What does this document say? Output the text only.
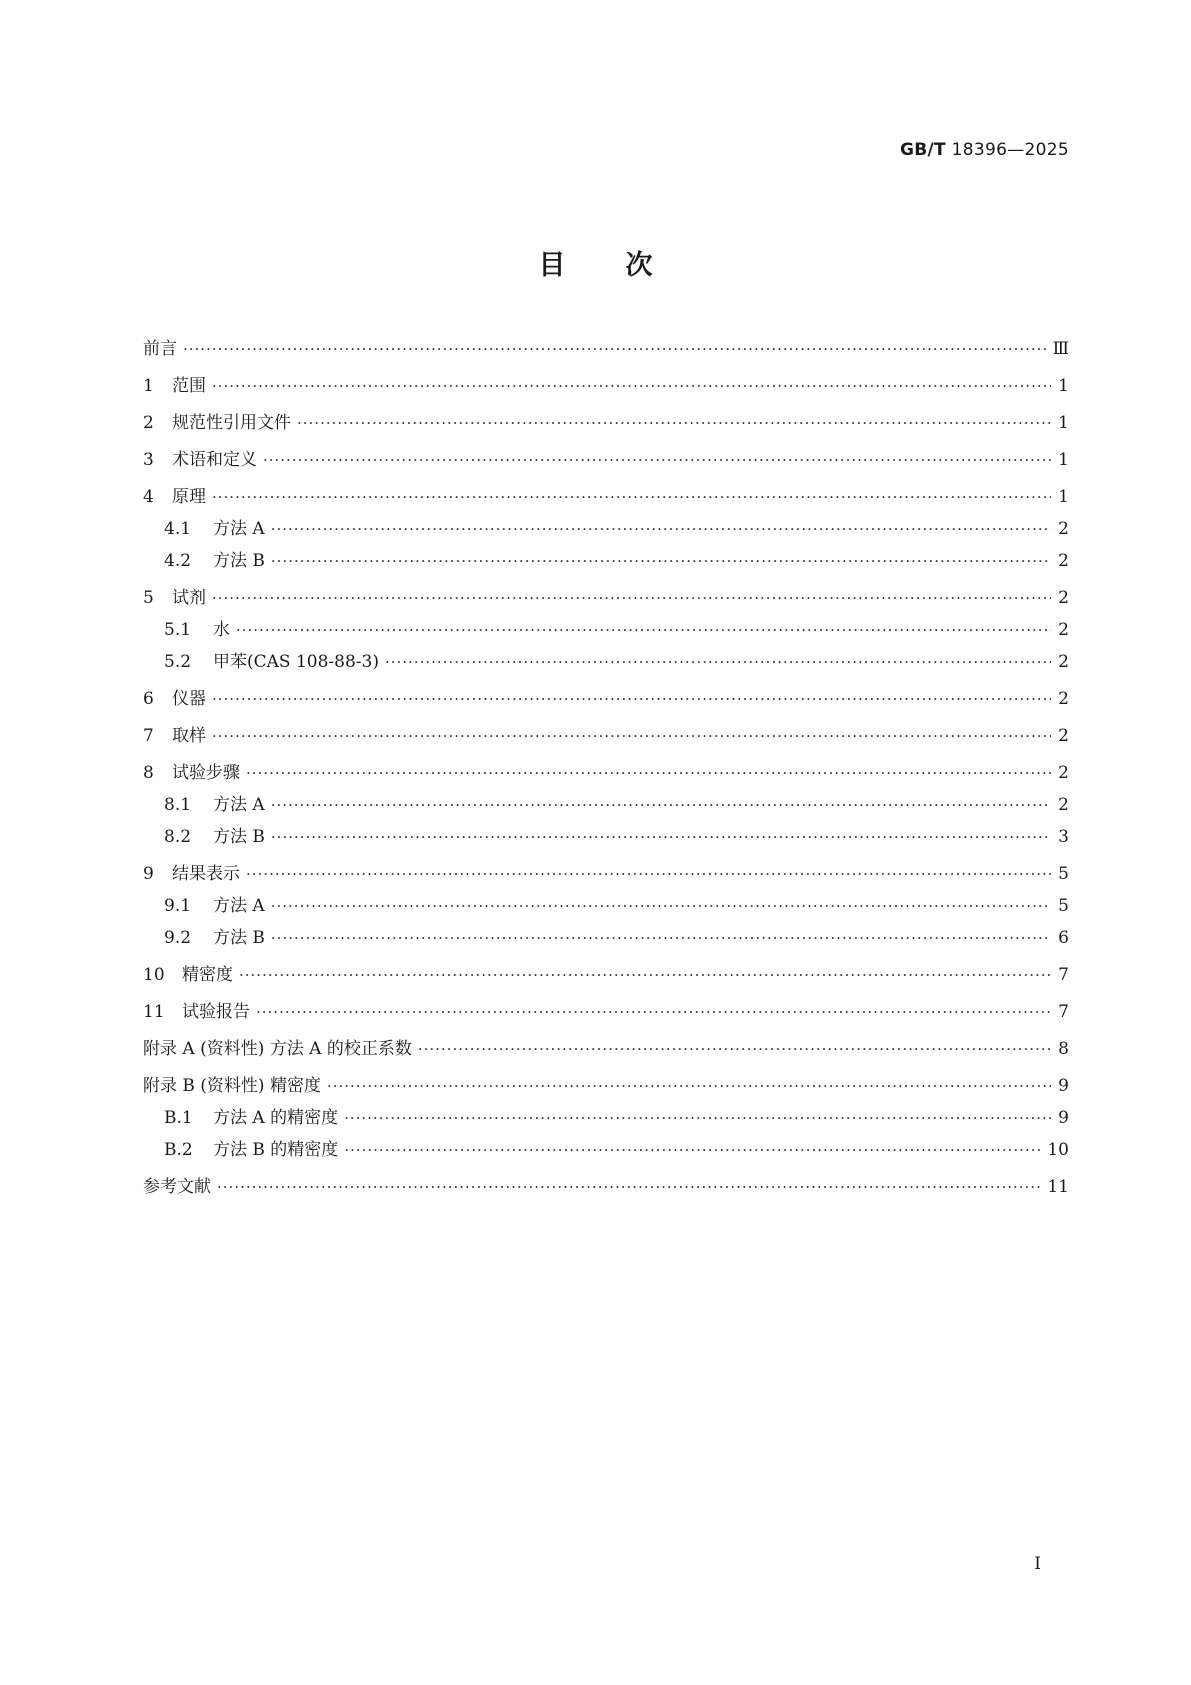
GB/T 18396—2025
目次
前言 ·····	Ⅲ
1 范围 ·····	1
2 规范性引用文件 ·····	1
3 术语和定义 ·····	1
4 原理 ·····	1
4.1 方法 A ·····	2
4.2 方法 B ·····	2
5 试剂 ·····	2
5.1 水 ·····	2
5.2 甲苯(CAS 108-88-3) ·····	2
6 仪器 ·····	2
7 取样 ·····	2
8 试验步骤 ·····	2
8.1 方法 A ·····	2
8.2 方法 B ·····	3
9 结果表示 ·····	5
9.1 方法 A ·····	5
9.2 方法 B ·····	6
10 精密度 ·····	7
11 试验报告 ·····	7
附录 A (资料性) 方法 A 的校正系数 ·····	8
附录 B (资料性) 精密度 ·····	9
B.1 方法 A 的精密度 ·····	9
B.2 方法 B 的精密度 ·····	10
参考文献 ·····	11
I
